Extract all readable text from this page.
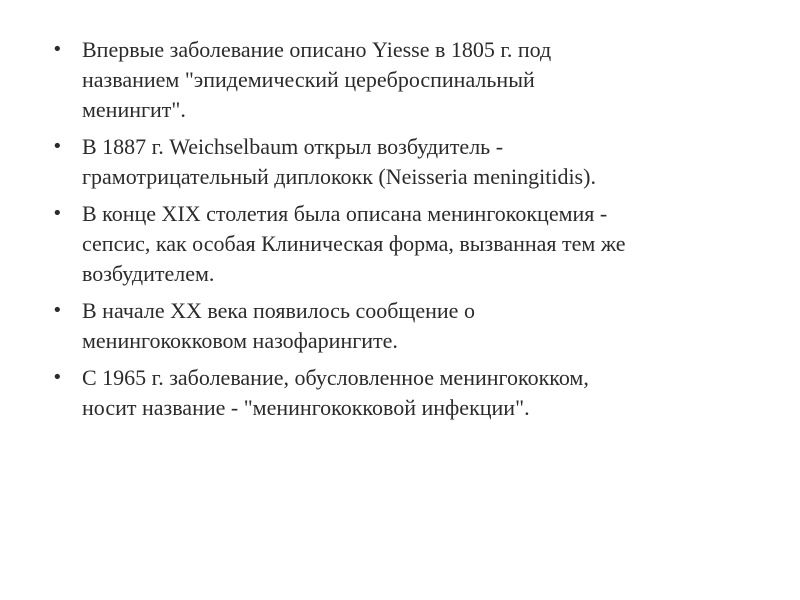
• Впервые заболевание описано Yiesse в 1805 г. под
названием "эпидемический цереброспинальный
менингит".
• В 1887 г. Weichselbaum открыл возбудитель -
грамотрицательный диплококк (Neisseria meningitidis).
• В конце XIX столетия была описана менингококцемия -
сепсис, как особая Клиническая форма, вызванная тем же
возбудителем.
• В начале XX века появилось сообщение о
менингококковом назофарингите.
• С 1965 г. заболевание, обусловленное менингококком,
носит название - "менингококковой инфекции".
